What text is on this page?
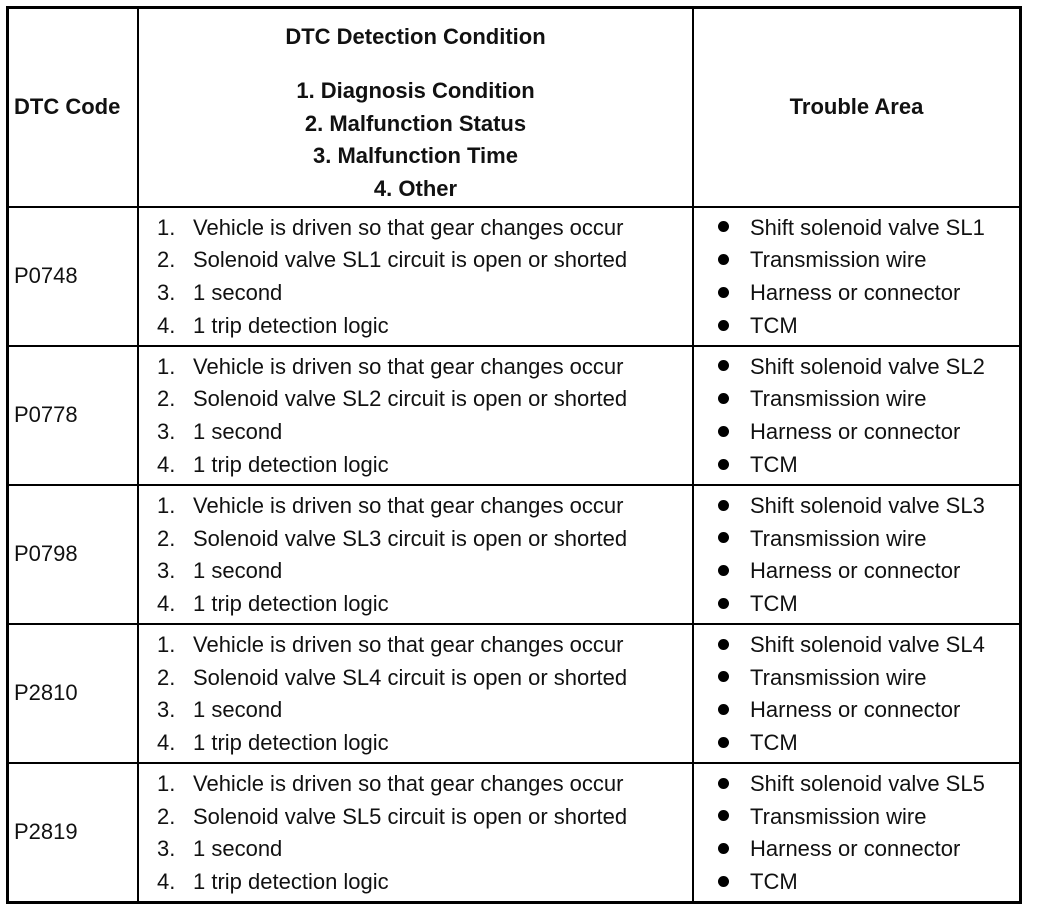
DTC Code
DTC Detection Condition
1. Diagnosis Condition
2. Malfunction Status
3. Malfunction Time
4. Other
Trouble Area
P0748
1. Vehicle is driven so that gear changes occur
2. Solenoid valve SL1 circuit is open or shorted
3. 1 second
4. 1 trip detection logic
Shift solenoid valve SL1
Transmission wire
Harness or connector
TCM
P0778
1. Vehicle is driven so that gear changes occur
2. Solenoid valve SL2 circuit is open or shorted
3. 1 second
4. 1 trip detection logic
Shift solenoid valve SL2
Transmission wire
Harness or connector
TCM
P0798
1. Vehicle is driven so that gear changes occur
2. Solenoid valve SL3 circuit is open or shorted
3. 1 second
4. 1 trip detection logic
Shift solenoid valve SL3
Transmission wire
Harness or connector
TCM
P2810
1. Vehicle is driven so that gear changes occur
2. Solenoid valve SL4 circuit is open or shorted
3. 1 second
4. 1 trip detection logic
Shift solenoid valve SL4
Transmission wire
Harness or connector
TCM
P2819
1. Vehicle is driven so that gear changes occur
2. Solenoid valve SL5 circuit is open or shorted
3. 1 second
4. 1 trip detection logic
Shift solenoid valve SL5
Transmission wire
Harness or connector
TCM
